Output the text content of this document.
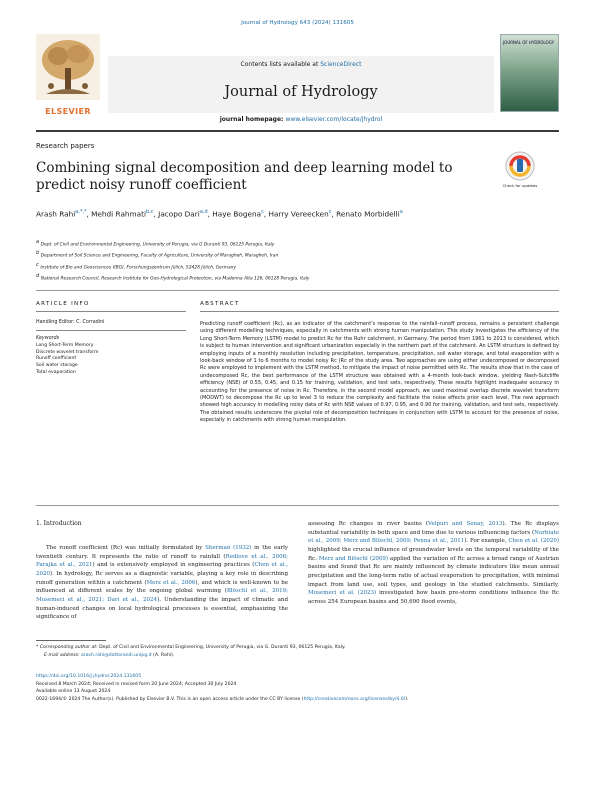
Journal of Hydrology 643 (2024) 131605
ELSEVIER
Contents lists available at ScienceDirect
Journal of Hydrology
journal homepage: www.elsevier.com/locate/jhydrol
JOURNAL OF HYDROLOGY
Research papers
Combining signal decomposition and deep learning model to predict noisy runoff coefficient	Check for updates
Arash Rahi$^{a,*,*}$, Mehdi Rahmati$^{b,c}$, Jacopo Dari$^{a,d}$, Haye Bogena$^c$, Harry Vereecken$^c$, Renato Morbidelli$^a$
a Dept. of Civil and Environmental Engineering, University of Perugia, via G Duranti 93, 06125 Perugia, Italy
b Department of Soil Science and Engineering, Faculty of Agriculture, University of Maragheh, Maragheh, Iran
c Institute of Bio and Geosciences (IBG), Forschungszentrum Jülich, 52428 Jülich, Germany
d National Research Council, Research Institute for Geo-Hydrological Protection, via Madonna Alta 126, 06128 Perugia, Italy
ARTICLE INFO	ABSTRACT
Handling Editor: C. Corradini
Keywords
Long Short-Term Memory
Discrete wavelet transform
Runoff coefficient
Soil water storage
Total evaporation
Predicting runoff coefficient (Rc), as an indicator of the catchment's response to the rainfall–runoff process, remains a persistent challenge using different modelling techniques, especially in catchments with strong human manipulation. This study investigates the efficiency of the Long Short-Term Memory (LSTM) model to predict Rc for the Ruhr catchment, in Germany. The period from 1961 to 2013 is considered, which is subject to human intervention and significant urbanization especially in the northern part of the catchment. An LSTM structure is defined by employing inputs of a monthly resolution including precipitation, temperature, precipitation, soil water storage, and total evaporation with a look-back window of 1 to 6 months to model noisy Rc (Rc of the study area. Two approaches are using either undecomposed or decomposed Rc were employed to implement with the LSTM method, to mitigate the impact of noise permitted with Rc. The results show that in the case of undecomposed Rc, the best performance of the LSTM structure was obtained with a 4-month look-back window, yielding Nash-Sutcliffe efficiency (NSE) of 0.55, 0.45, and 0.15 for training, validation, and test sets, respectively. These results highlight inadequate accuracy in accounting for the presence of noise in Rc. Therefore, in the second model approach, we used maximal overlap discrete wavelet transform (MODWT) to decompose the Rc up to level 3 to reduce the complexity and facilitate the noise effects prior each level. The new approach showed high accuracy in modelling noisy data of Rc with NSE values of 0.97, 0.95, and 0.90 for training, validation, and test sets, respectively. The obtained results underscore the pivotal role of decomposition techniques in conjunction with LSTM to account for the presence of noise, especially in catchments with strong human manipulation.
1. Introduction
The runoff coefficient (Rc) was initially formulated by Sherman (1932) in the early twentieth century. It represents the ratio of runoff to rainfall (Redlove et al., 2006; Parajka et al., 2021) and is extensively employed in engineering practices (Chen et al., 2020). In hydrology, Rc serves as a diagnostic variable, playing a key role in describing runoff generation within a catchment (Merz et al., 2006), and which is well-known to be influenced at different scales by the ongoing global warming (Blöschl et al., 2019; Musemeci et al., 2021; Dari et al., 2024). Understanding the impact of climatic and human-induced changes on local hydrological processes is essential, emphasizing the significance of
assessing Rc changes in river basins (Velpuri and Senay, 2013). The Rc displays substantial variability in both space and time due to various influencing factors (Norbiato et al., 2009; Merz and Blöschl, 2009; Penna et al., 2011). For example, Chen et al. (2020) highlighted the crucial influence of groundwater levels on the temporal variability of the Rc. Merz and Blöschl (2009) applied the variation of Rc across a broad range of Austrian basins and found that Rc are mainly influenced by climate indicators like mean annual precipitation and the long-term ratio of actual evaporation to precipitation, with minimal impact from land use, soil types, and geology in the studied catchments. Similarly, Musemeci et al. (2023) investigated how basin pre-storm conditions influence the Rc across 254 European basins and 50,690 flood events,
* Corresponding author at: Dept. of Civil and Environmental Engineering, University of Perugia, via G. Duranti 93, 06125 Perugia, Italy.
E-mail address: arash.rahi@dottorandi.unipg.it (A. Rahi).
https://doi.org/10.1016/j.jhydrol.2024.131605
Received 8 March 2024; Received in revised form 20 June 2024; Accepted 30 July 2024
Available online 13 August 2024
0022-1694/© 2024 The Author(s). Published by Elsevier B.V. This is an open access article under the CC BY license (http://creativecommons.org/licenses/by/4.0/).
